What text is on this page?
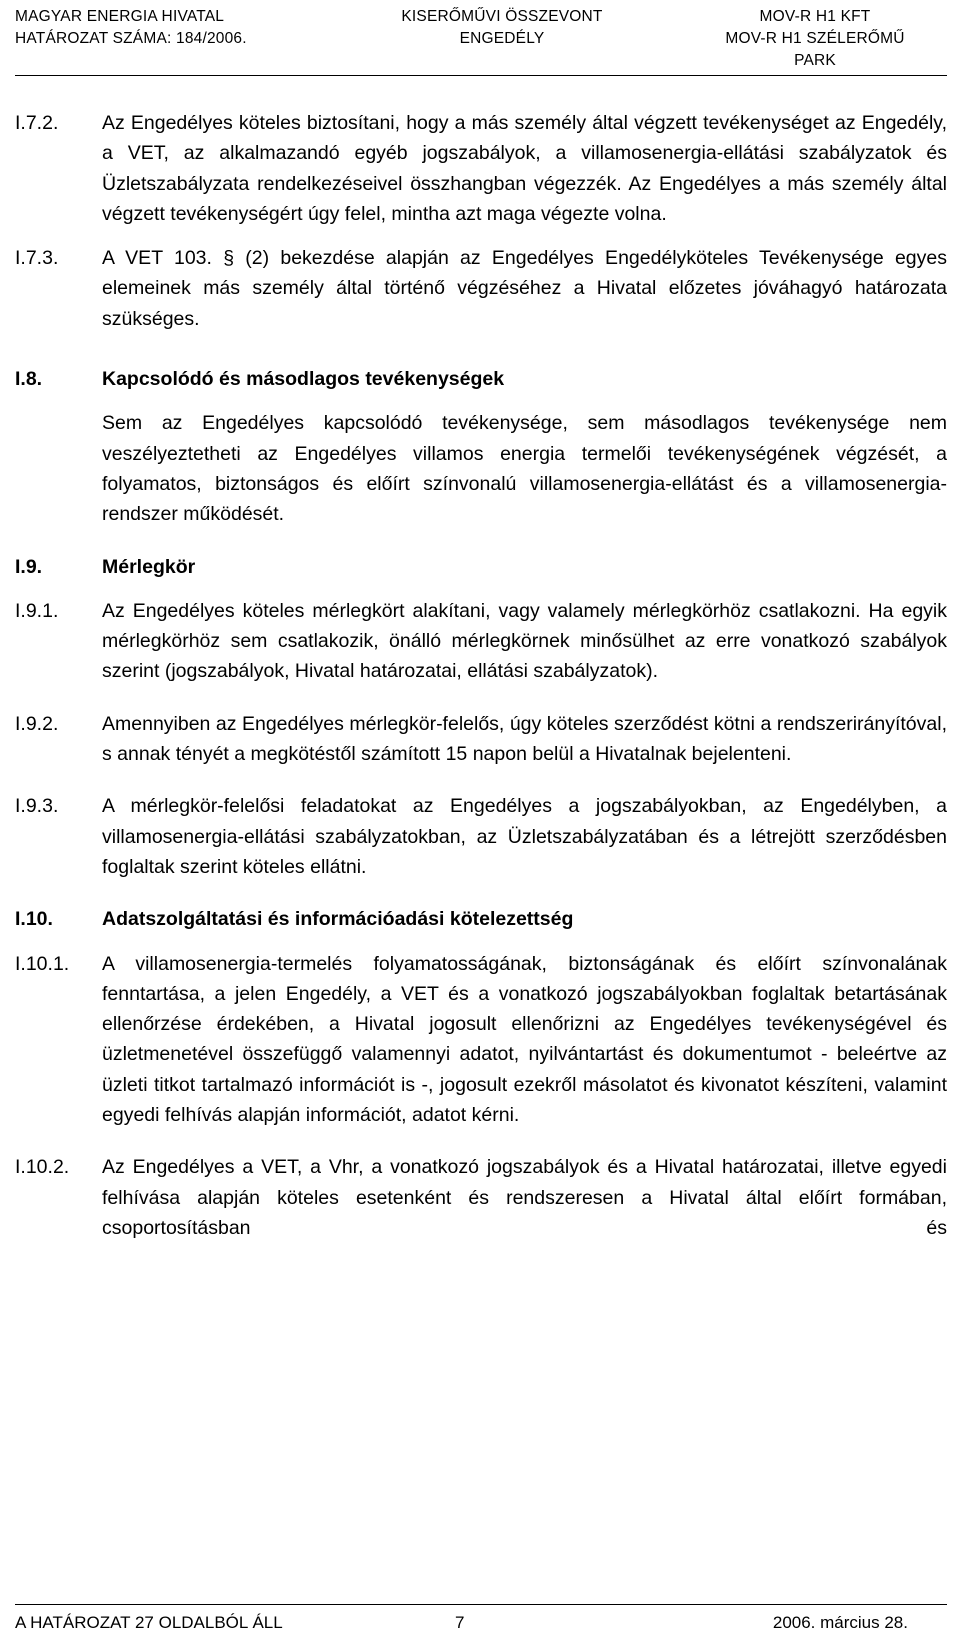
MAGYAR ENERGIA HIVATAL
HATÁROZAT SZÁMA: 184/2006.
KISERŐMŰVI ÖSSZEVONT
ENGEDÉLY
MOV-R H1 KFT
MOV-R H1 SZÉLERŐMŰ
PARK
I.7.2.	Az Engedélyes köteles biztosítani, hogy a más személy által végzett tevékenységet az Engedély, a VET, az alkalmazandó egyéb jogszabályok, a villamosenergia-ellátási szabályzatok és Üzletszabályzata rendelkezéseivel összhangban végezzék. Az Engedélyes a más személy által végzett tevékenységért úgy felel, mintha azt maga végezte volna.
I.7.3.	A VET 103. § (2) bekezdése alapján az Engedélyes Engedélyköteles Tevékenysége egyes elemeinek más személy által történő végzéséhez a Hivatal előzetes jóváhagyó határozata szükséges.
I.8.	Kapcsolódó és másodlagos tevékenységek
Sem az Engedélyes kapcsolódó tevékenysége, sem másodlagos tevékenysége nem veszélyeztetheti az Engedélyes villamos energia termelői tevékenységének végzését, a folyamatos, biztonságos és előírt színvonalú villamosenergia-ellátást és a villamosenergia-rendszer működését.
I.9.	Mérlegkör
I.9.1.	Az Engedélyes köteles mérlegkört alakítani, vagy valamely mérlegkörhöz csatlakozni. Ha egyik mérlegkörhöz sem csatlakozik, önálló mérlegkörnek minősülhet az erre vonatkozó szabályok szerint (jogszabályok, Hivatal határozatai, ellátási szabályzatok).
I.9.2.	Amennyiben az Engedélyes mérlegkör-felelős, úgy köteles szerződést kötni a rendszerirányítóval, s annak tényét a megkötéstől számított 15 napon belül a Hivatalnak bejelenteni.
I.9.3.	A mérlegkör-felelősi feladatokat az Engedélyes a jogszabályokban, az Engedélyben, a villamosenergia-ellátási szabályzatokban, az Üzletszabályzatában és a létrejött szerződésben foglaltak szerint köteles ellátni.
I.10.	Adatszolgáltatási és információadási kötelezettség
I.10.1.	A villamosenergia-termelés folyamatosságának, biztonságának és előírt színvonalának fenntartása, a jelen Engedély, a VET és a vonatkozó jogszabályokban foglaltak betartásának ellenőrzése érdekében, a Hivatal jogosult ellenőrizni az Engedélyes tevékenységével és üzletmenetével összefüggő valamennyi adatot, nyilvántartást és dokumentumot - beleértve az üzleti titkot tartalmazó információt is -, jogosult ezekről másolatot és kivonatot készíteni, valamint egyedi felhívás alapján információt, adatot kérni.
I.10.2.	Az Engedélyes a VET, a Vhr, a vonatkozó jogszabályok és a Hivatal határozatai, illetve egyedi felhívása alapján köteles esetenként és rendszeresen a Hivatal által előírt formában, csoportosításban és
A HATÁROZAT 27 OLDALBÓL ÁLL	7	2006. március 28.
